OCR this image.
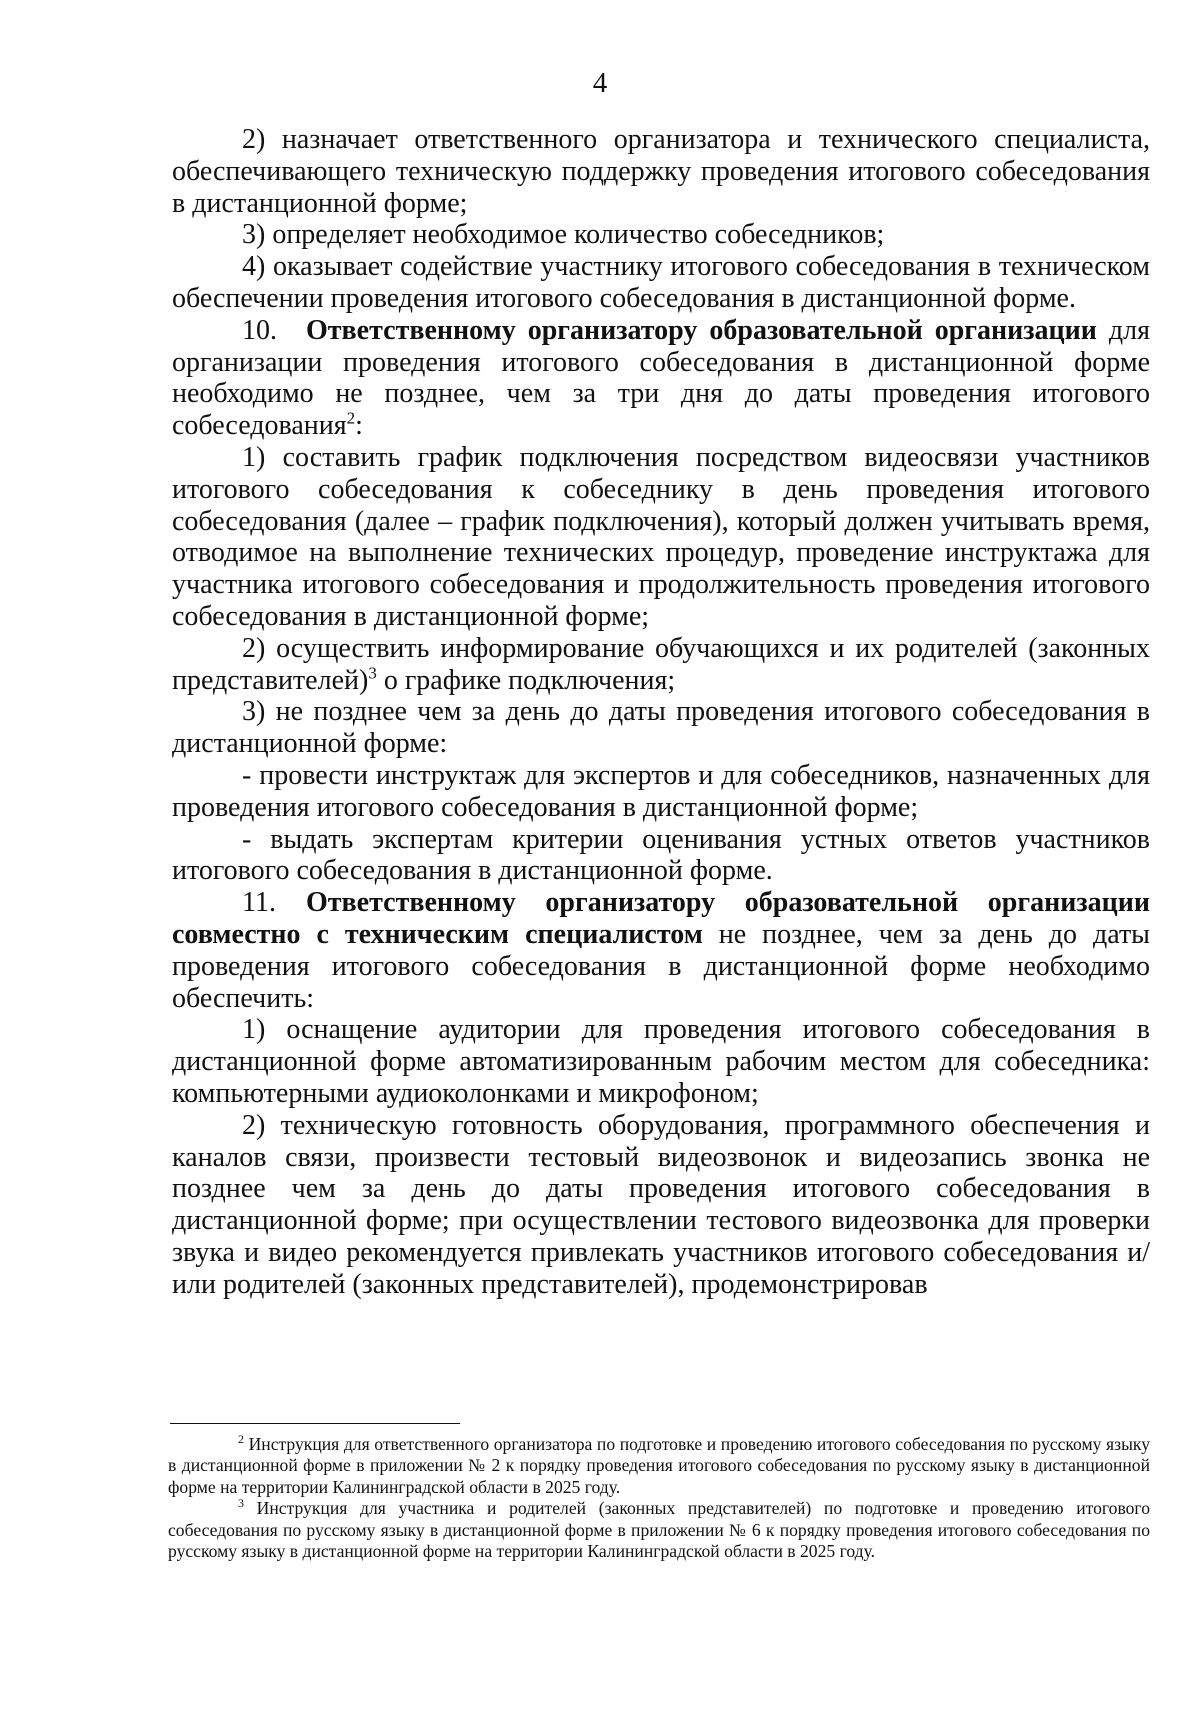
4

2) назначает ответственного организатора и технического специалиста, обеспечивающего техническую поддержку проведения итогового собеседования в дистанционной форме;

3) определяет необходимое количество собеседников;

4) оказывает содействие участнику итогового собеседования в техническом обеспечении проведения итогового собеседования в дистанционной форме.

10. Ответственному организатору образовательной организации для организации проведения итогового собеседования в дистанционной форме необходимо не позднее, чем за три дня до даты проведения итогового собеседования$^2$:

1) составить график подключения посредством видеосвязи участников итогового собеседования к собеседнику в день проведения итогового собеседования (далее – график подключения), который должен учитывать время, отводимое на выполнение технических процедур, проведение инструктажа для участника итогового собеседования и продолжительность проведения итогового собеседования в дистанционной форме;

2) осуществить информирование обучающихся и их родителей (законных представителей)$^3$ о графике подключения;

3) не позднее чем за день до даты проведения итогового собеседования в дистанционной форме:

- провести инструктаж для экспертов и для собеседников, назначенных для проведения итогового собеседования в дистанционной форме;

- выдать экспертам критерии оценивания устных ответов участников итогового собеседования в дистанционной форме.

11. Ответственному организатору образовательной организации совместно с техническим специалистом не позднее, чем за день до даты проведения итогового собеседования в дистанционной форме необходимо обеспечить:

1) оснащение аудитории для проведения итогового собеседования в дистанционной форме автоматизированным рабочим местом для собеседника: компьютерными аудиоколонками и микрофоном;

2) техническую готовность оборудования, программного обеспечения и каналов связи, произвести тестовый видеозвонок и видеозапись звонка не позднее чем за день до даты проведения итогового собеседования в дистанционной форме; при осуществлении тестового видеозвонка для проверки звука и видео рекомендуется привлекать участников итогового собеседования и/или родителей (законных представителей), продемонстрировав

$^2$ Инструкция для ответственного организатора по подготовке и проведению итогового собеседования по русскому языку в дистанционной форме в приложении № 2 к порядку проведения итогового собеседования по русскому языку в дистанционной форме на территории Калининградской области в 2025 году.

$^3$ Инструкция для участника и родителей (законных представителей) по подготовке и проведению итогового собеседования по русскому языку в дистанционной форме в приложении № 6 к порядку проведения итогового собеседования по русскому языку в дистанционной форме на территории Калининградской области в 2025 году.
